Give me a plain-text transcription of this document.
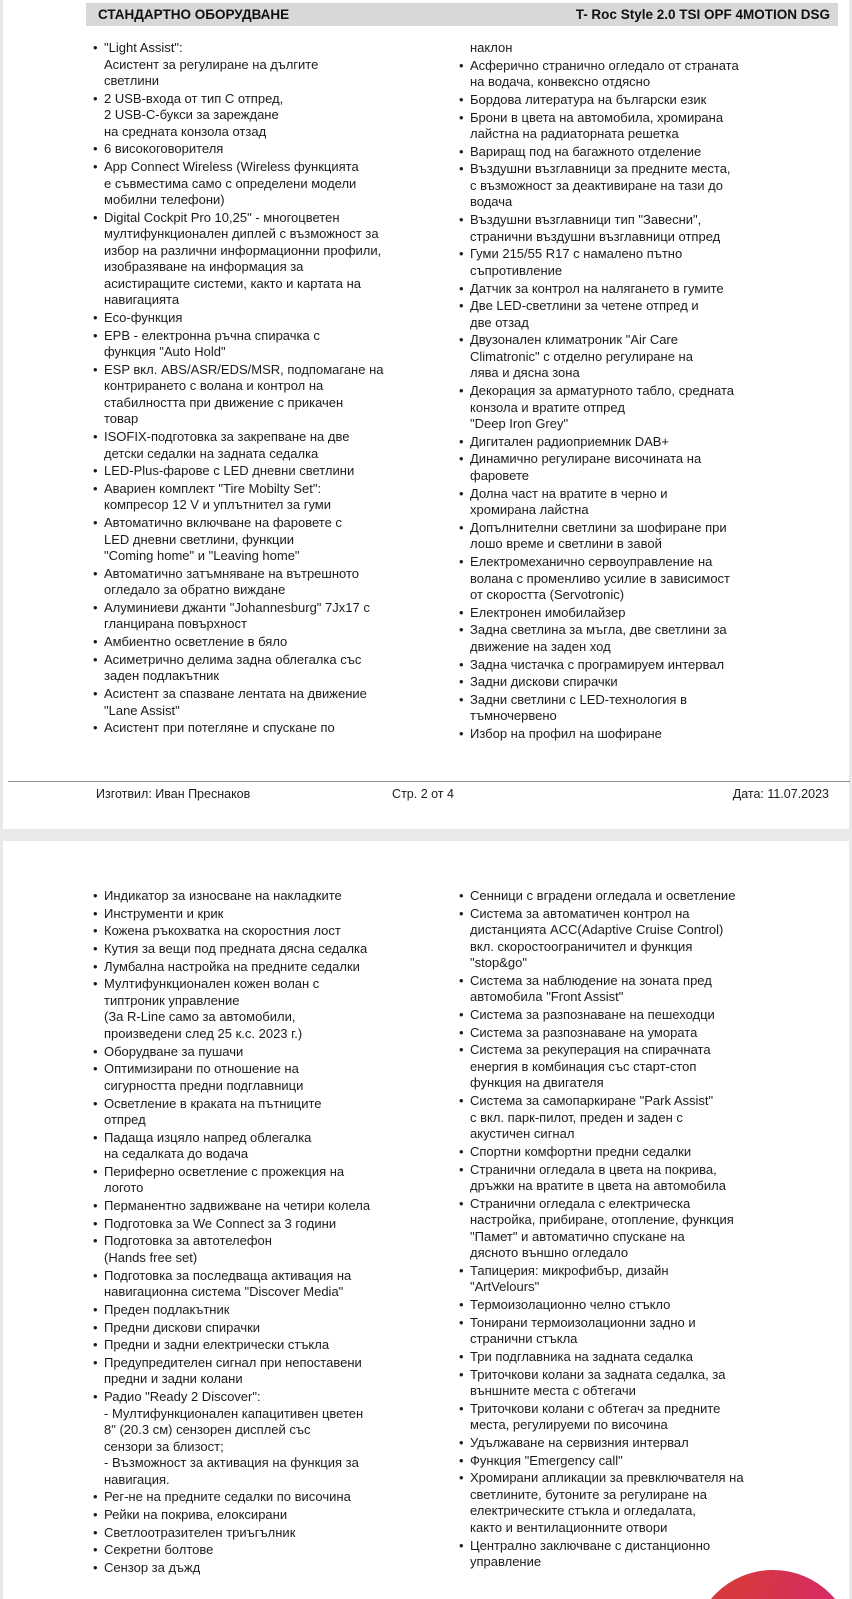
СТАНДАРТНО ОБОРУДВАНЕ	T- Roc Style 2.0 TSI OPF 4MOTION DSG
• "Light Assist":
Асистент за регулиране на дългите
светлини
• 2 USB-входа от тип C отпред,
2 USB-C-букси за зареждане
на средната конзола отзад
• 6 високоговорителя
• App Connect Wireless (Wireless функцията
е съвместима само с определени модели
мобилни телефони)
• Digital Cockpit Pro 10,25" - многоцветен
мултифункционален диплей с възможност за
избор на различни информационни профили,
изобразяване на информация за
асистиращите системи, както и картата на
навигацията
• Eco-функция
• EPB - електронна ръчна спирачка с
функция "Auto Hold"
• ESP вкл. ABS/ASR/EDS/MSR, подпомагане на
контрирането с волана и контрол на
стабилността при движение с прикачен
товар
• ISOFIX-подготовка за закрепване на две
детски седалки на задната седалка
• LED-Plus-фарове с LED дневни светлини
• Авариен комплект "Tire Mobilty Set":
компресор 12 V и уплътнител за гуми
• Автоматично включване на фаровете с
LED дневни светлини, функции
"Coming home" и "Leaving home"
• Автоматично затъмняване на вътрешното
огледало за обратно виждане
• Алуминиеви джанти "Johannesburg" 7Jx17 с
гланцирана повърхност
• Амбиентно осветление в бяло
• Асиметрично делима задна облегалка със
заден подлакътник
• Асистент за спазване лентата на движение
"Lane Assist"
• Асистент при потегляне и спускане по
наклон
• Асферично странично огледало от страната
на водача, конвексно отдясно
• Бордова литература на български език
• Брони в цвета на автомобила, хромирана
лайстна на радиаторната решетка
• Вариращ под на багажното отделение
• Въздушни възглавници за предните места,
с възможност за деактивиране на тази до
водача
• Въздушни възглавници тип "Завесни",
странични въздушни възглавници отпред
• Гуми 215/55 R17 с намалено пътно
съпротивление
• Датчик за контрол на налягането в гумите
• Две LED-светлини за четене отпред и
две отзад
• Двузонален климатроник "Air Care
Climatronic" с отделно регулиране на
лява и дясна зона
• Декорация за арматурното табло, средната
конзола и вратите отпред
"Deep Iron Grey"
• Дигитален радиоприемник DAB+
• Динамично регулиране височината на
фаровете
• Долна част на вратите в черно и
хромирана лайстна
• Допълнителни светлини за шофиране при
лошо време и светлини в завой
• Електромеханично сервоуправление на
волана с променливо усилие в зависимост
от скоростта (Servotronic)
• Електронен имобилайзер
• Задна светлина за мъгла, две светлини за
движение на заден ход
• Задна чистачка с програмируем интервал
• Задни дискови спирачки
• Задни светлини с LED-технология в
тъмночервено
• Избор на профил на шофиране
Изготвил: Иван Преснаков	Стр. 2 от 4	Дата: 11.07.2023
• Индикатор за износване на накладките
• Инструменти и крик
• Кожена ръкохватка на скоростния лост
• Кутия за вещи под предната дясна седалка
• Лумбална настройка на предните седалки
• Мултифункционален кожен волан с
типтроник управление
(За R-Line само за автомобили,
произведени след 25 к.с. 2023 г.)
• Оборудване за пушачи
• Оптимизирани по отношение на
сигурността предни подглавници
• Осветление в краката на пътниците
отпред
• Падаща изцяло напред облегалка
на седалката до водача
• Периферно осветление с прожекция на
логото
• Перманентно задвижване на четири колела
• Подготовка за We Connect за 3 години
• Подготовка за автотелефон
(Hands free set)
• Подготовка за последваща активация на
навигационна система "Discover Media"
• Преден подлакътник
• Предни дискови спирачки
• Предни и задни електрически стъкла
• Предупредителен сигнал при непоставени
предни и задни колани
• Радио "Ready 2 Discover":
- Мултифункционален капацитивен цветен
8" (20.3 см) сензорен дисплей със
сензори за близост;
- Възможност за активация на функция за
навигация.
• Рег-не на предните седалки по височина
• Рейки на покрива, елоксирани
• Светлоотразителен триъгълник
• Секретни болтове
• Сензор за дъжд
• Сенници с вградени огледала и осветление
• Система за автоматичен контрол на
дистанцията ACC(Adaptive Cruise Control)
вкл. скоростоограничител и функция
"stop&go"
• Система за наблюдение на зоната пред
автомобила "Front Assist"
• Система за разпознаване на пешеходци
• Система за разпознаване на умората
• Система за рекуперация на спирачната
енергия в комбинация със старт-стоп
функция на двигателя
• Система за самопаркиране "Park Assist"
с вкл. парк-пилот, преден и заден с
акустичен сигнал
• Спортни комфортни предни седалки
• Странични огледала в цвета на покрива,
дръжки на вратите в цвета на автомобила
• Странични огледала с електрическа
настройка, прибиране, отопление, функция
"Памет" и автоматично спускане на
дясното външно огледало
• Тапицерия: микрофибър, дизайн
"ArtVelours"
• Термоизолационно челно стъкло
• Тонирани термоизолационни задно и
странични стъкла
• Три подглавника на задната седалка
• Триточкови колани за задната седалка, за
външните места с обтегачи
• Триточкови колани с обтегач за предните
места, регулируеми по височина
• Удължаване на сервизния интервал
• Функция "Emergency call"
• Хромирани апликации за превключвателя на
светлините, бутоните за регулиране на
електрическите стъкла и огледалата,
както и вентилационните отвори
• Централно заключване с дистанционно
управление
